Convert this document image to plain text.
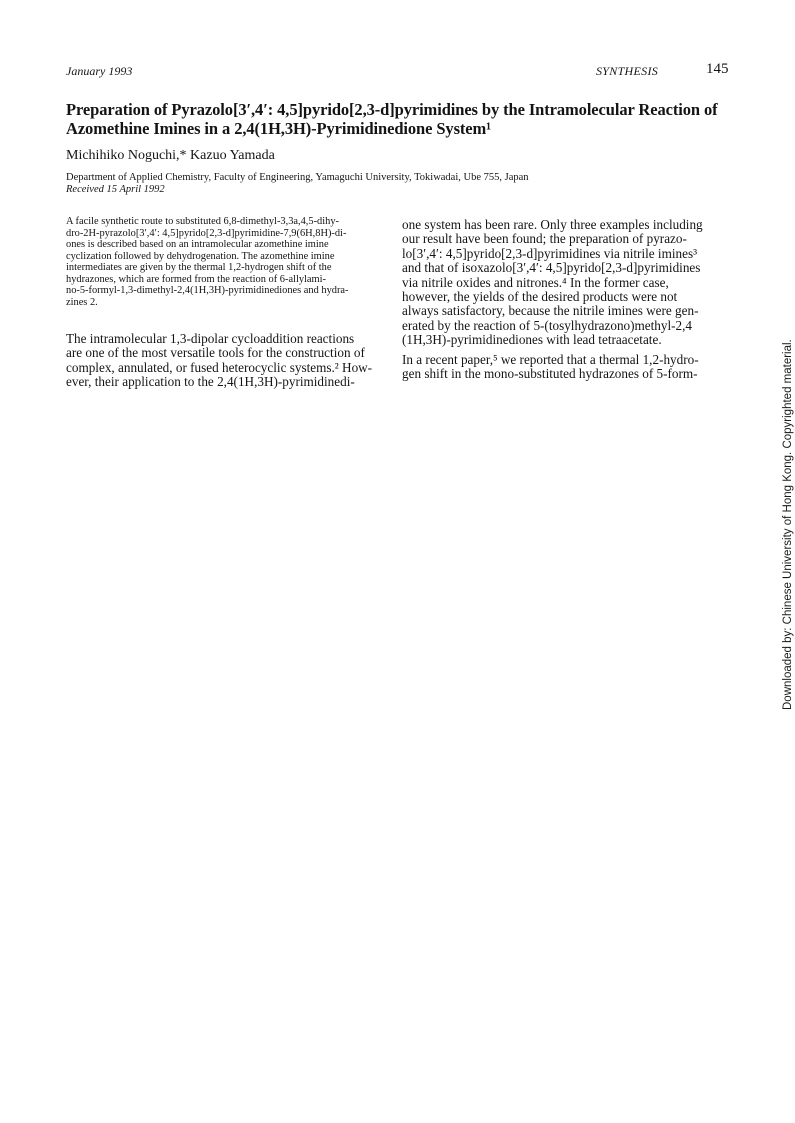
January 1993	SYNTHESIS	145
Preparation of Pyrazolo[3′,4′: 4,5]pyrido[2,3-d]pyrimidines by the Intramolecular Reaction of
Azomethine Imines in a 2,4(1H,3H)-Pyrimidinedione System¹
Michihiko Noguchi,* Kazuo Yamada
Department of Applied Chemistry, Faculty of Engineering, Yamaguchi University, Tokiwadai, Ube 755, Japan
Received 15 April 1992
A facile synthetic route to substituted 6,8-dimethyl-3,3a,4,5-dihy-
dro-2H-pyrazolo[3′,4′: 4,5]pyrido[2,3-d]pyrimidine-7,9(6H,8H)-di-
ones is described based on an intramolecular azomethine imine
cyclization followed by dehydrogenation. The azomethine imine
intermediates are given by the thermal 1,2-hydrogen shift of the
hydrazones, which are formed from the reaction of 6-allylami-
no-5-formyl-1,3-dimethyl-2,4(1H,3H)-pyrimidinediones and hydra-
zines 2.
The intramolecular 1,3-dipolar cycloaddition reactions
are one of the most versatile tools for the construction of
complex, annulated, or fused heterocyclic systems.² How-
ever, their application to the 2,4(1H,3H)-pyrimidinedi-

one system has been rare. Only three examples including
our result have been found; the preparation of pyrazo-
lo[3′,4′: 4,5]pyrido[2,3-d]pyrimidines via nitrile imines³
and that of isoxazolo[3′,4′: 4,5]pyrido[2,3-d]pyrimidines
via nitrile oxides and nitrones.⁴ In the former case,
however, the yields of the desired products were not
always satisfactory, because the nitrile imines were gen-
erated by the reaction of 5-(tosylhydrazono)methyl-2,4
(1H,3H)-pyrimidinediones with lead tetraacetate.

In a recent paper,⁵ we reported that a thermal 1,2-hydro-
gen shift in the mono-substituted hydrazones of 5-form-	Downloaded by: Chinese University of Hong Kong. Copyrighted material.
